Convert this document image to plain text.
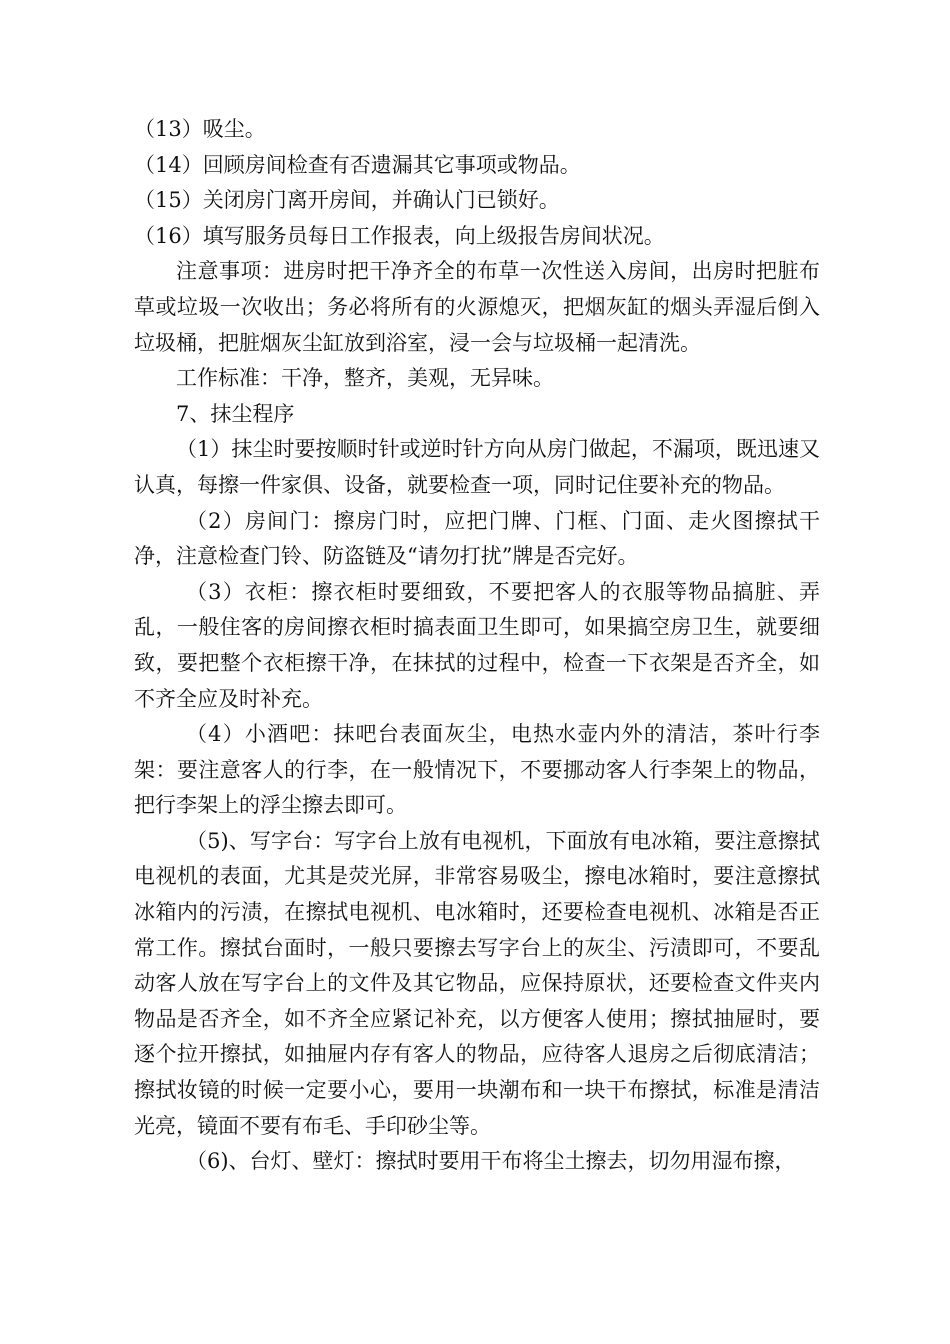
（13）吸尘。

（14）回顾房间检查有否遗漏其它事项或物品。

（15）关闭房门离开房间，并确认门已锁好。

（16）填写服务员每日工作报表，向上级报告房间状况。

注意事项：进房时把干净齐全的布草一次性送入房间，出房时把脏布草或垃圾一次收出；务必将所有的火源熄灭，把烟灰缸的烟头弄湿后倒入垃圾桶，把脏烟灰尘缸放到浴室，浸一会与垃圾桶一起清洗。

工作标准：干净，整齐，美观，无异味。

7、抹尘程序

（1）抹尘时要按顺时针或逆时针方向从房门做起，不漏项，既迅速又认真，每擦一件家俱、设备，就要检查一项，同时记住要补充的物品。

（2）房间门：擦房门时，应把门牌、门框、门面、走火图擦拭干净，注意检查门铃、防盗链及“请勿打扰”牌是否完好。

（3）衣柜：擦衣柜时要细致，不要把客人的衣服等物品搞脏、弄乱，一般住客的房间擦衣柜时搞表面卫生即可，如果搞空房卫生，就要细致，要把整个衣柜擦干净，在抹拭的过程中，检查一下衣架是否齐全，如不齐全应及时补充。

（4）小酒吧：抹吧台表面灰尘，电热水壶内外的清洁，茶叶行李架：要注意客人的行李，在一般情况下，不要挪动客人行李架上的物品，把行李架上的浮尘擦去即可。

（5)、写字台：写字台上放有电视机，下面放有电冰箱，要注意擦拭电视机的表面，尤其是荧光屏，非常容易吸尘，擦电冰箱时，要注意擦拭冰箱内的污渍，在擦拭电视机、电冰箱时，还要检查电视机、冰箱是否正常工作。擦拭台面时，一般只要擦去写字台上的灰尘、污渍即可，不要乱动客人放在写字台上的文件及其它物品，应保持原状，还要检查文件夹内物品是否齐全，如不齐全应紧记补充，以方便客人使用；擦拭抽屉时，要逐个拉开擦拭，如抽屉内存有客人的物品，应待客人退房之后彻底清洁；擦拭妆镜的时候一定要小心，要用一块潮布和一块干布擦拭，标准是清洁光亮，镜面不要有布毛、手印砂尘等。

（6)、台灯、壁灯：擦拭时要用干布将尘土擦去，切勿用湿布擦，
